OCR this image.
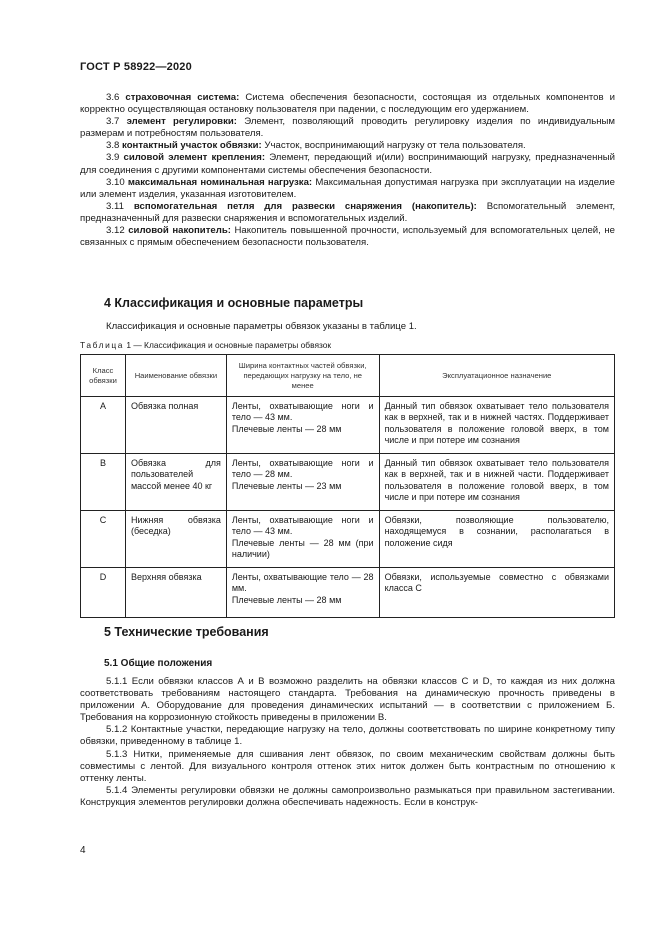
ГОСТ Р 58922—2020

3.6 страховочная система: Система обеспечения безопасности, состоящая из отдельных компонентов и корректно осуществляющая остановку пользователя при падении, с последующим его удержанием.

3.7 элемент регулировки: Элемент, позволяющий проводить регулировку изделия по индивидуальным размерам и потребностям пользователя.

3.8 контактный участок обвязки: Участок, воспринимающий нагрузку от тела пользователя.

3.9 силовой элемент крепления: Элемент, передающий и(или) воспринимающий нагрузку, предназначенный для соединения с другими компонентами системы обеспечения безопасности.

3.10 максимальная номинальная нагрузка: Максимальная допустимая нагрузка при эксплуатации на изделие или элемент изделия, указанная изготовителем.

3.11 вспомогательная петля для развески снаряжения (накопитель): Вспомогательный элемент, предназначенный для развески снаряжения и вспомогательных изделий.

3.12 силовой накопитель: Накопитель повышенной прочности, используемый для вспомогательных целей, не связанных с прямым обеспечением безопасности пользователя.

4 Классификация и основные параметры

Классификация и основные параметры обвязок указаны в таблице 1.

Таблица 1 — Классификация и основные параметры обвязок
Класс обвязки	Наименование обвязки	Ширина контактных частей обвязки, передающих нагрузку на тело, не менее	Эксплуатационное назначение
A	Обвязка полная	Ленты, охватывающие ноги и тело — 43 мм.
Плечевые ленты — 28 мм	Данный тип обвязок охватывает тело пользователя как в верхней, так и в нижней частях. Поддерживает пользователя в положение головой вверх, в том числе и при потере им сознания
B	Обвязка для пользователей массой менее 40 кг	Ленты, охватывающие ноги и тело — 28 мм.
Плечевые ленты — 23 мм	Данный тип обвязок охватывает тело пользователя как в верхней, так и в нижней части. Поддерживает пользователя в положение головой вверх, в том числе и при потере им сознания
C	Нижняя обвязка (беседка)	Ленты, охватывающие ноги и тело — 43 мм.
Плечевые ленты — 28 мм (при наличии)	Обвязки, позволяющие пользователю, находящемуся в сознании, располагаться в положение сидя
D	Верхняя обвязка	Ленты, охватывающие тело — 28 мм.
Плечевые ленты — 28 мм	Обвязки, используемые совместно с обвязками класса С
5 Технические требования
5.1 Общие положения

5.1.1 Если обвязки классов А и В возможно разделить на обвязки классов С и D, то каждая из них должна соответствовать требованиям настоящего стандарта. Требования на динамическую прочность приведены в приложении А. Оборудование для проведения динамических испытаний — в соответствии с приложением Б. Требования на коррозионную стойкость приведены в приложении В.

5.1.2 Контактные участки, передающие нагрузку на тело, должны соответствовать по ширине конкретному типу обвязки, приведенному в таблице 1.

5.1.3 Нитки, применяемые для сшивания лент обвязок, по своим механическим свойствам должны быть совместимы с лентой. Для визуального контроля оттенок этих ниток должен быть контрастным по отношению к оттенку ленты.

5.1.4 Элементы регулировки обвязки не должны самопроизвольно размыкаться при правильном застегивании. Конструкция элементов регулировки должна обеспечивать надежность. Если в конструк-

4
